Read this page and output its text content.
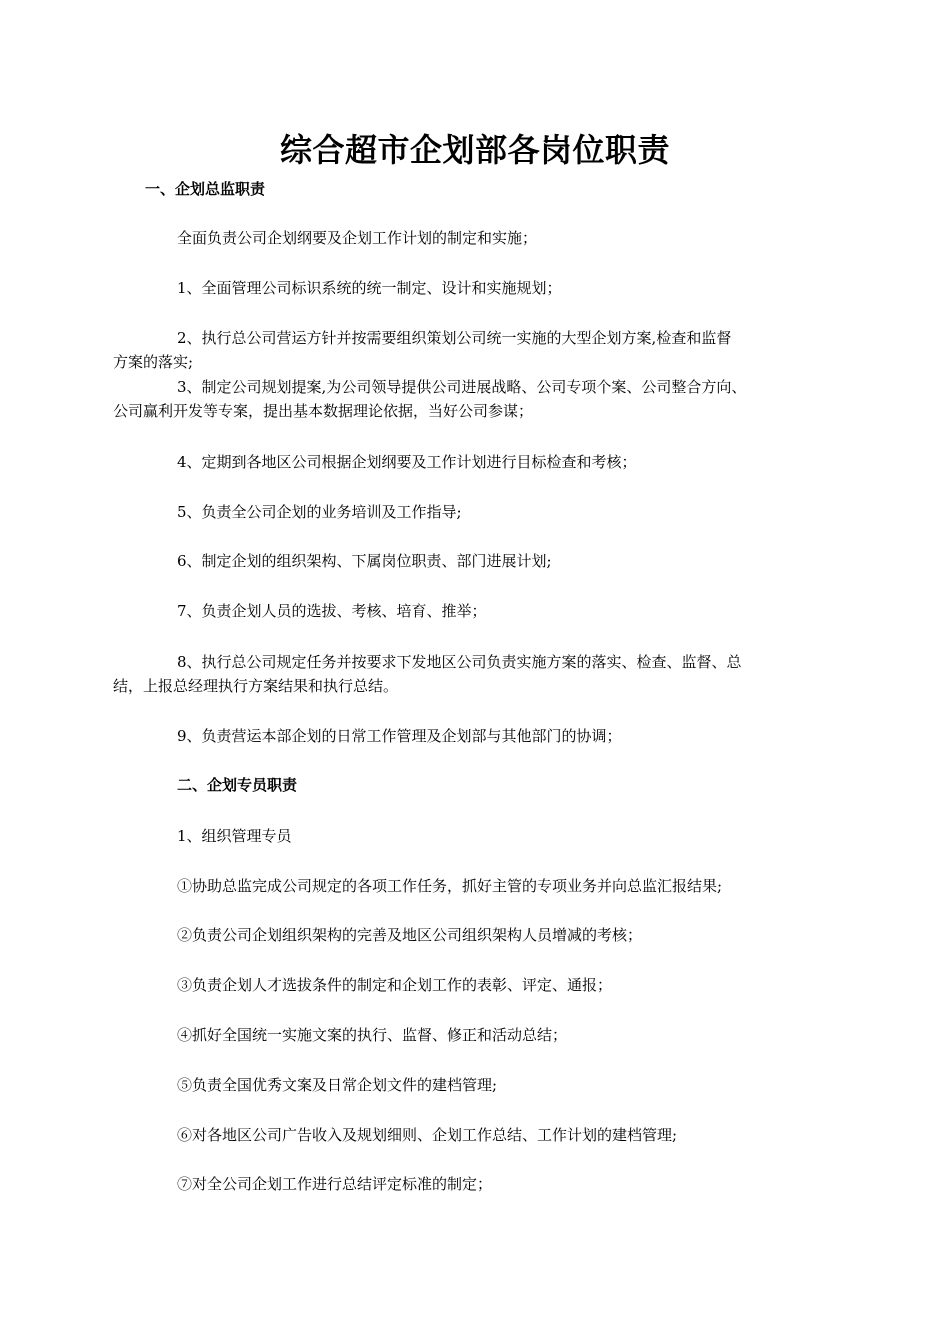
综合超市企划部各岗位职责
一、企划总监职责
全面负责公司企划纲要及企划工作计划的制定和实施；
1、全面管理公司标识系统的统一制定、设计和实施规划；
2、执行总公司营运方针并按需要组织策划公司统一实施的大型企划方案,检查和监督
方案的落实;
3、制定公司规划提案,为公司领导提供公司进展战略、公司专项个案、公司整合方向、
公司赢利开发等专案，提出基本数据理论依据，当好公司参谋；
4、定期到各地区公司根据企划纲要及工作计划进行目标检查和考核；
5、负责全公司企划的业务培训及工作指导;
6、制定企划的组织架构、下属岗位职责、部门进展计划;
7、负责企划人员的选拔、考核、培育、推举；
8、执行总公司规定任务并按要求下发地区公司负责实施方案的落实、检查、监督、总
结，上报总经理执行方案结果和执行总结。
9、负责营运本部企划的日常工作管理及企划部与其他部门的协调；
二、企划专员职责
1、组织管理专员
①协助总监完成公司规定的各项工作任务，抓好主管的专项业务并向总监汇报结果;
②负责公司企划组织架构的完善及地区公司组织架构人员增减的考核；
③负责企划人才选拔条件的制定和企划工作的表彰、评定、通报；
④抓好全国统一实施文案的执行、监督、修正和活动总结；
⑤负责全国优秀文案及日常企划文件的建档管理;
⑥对各地区公司广告收入及规划细则、企划工作总结、工作计划的建档管理;
⑦对全公司企划工作进行总结评定标准的制定；
